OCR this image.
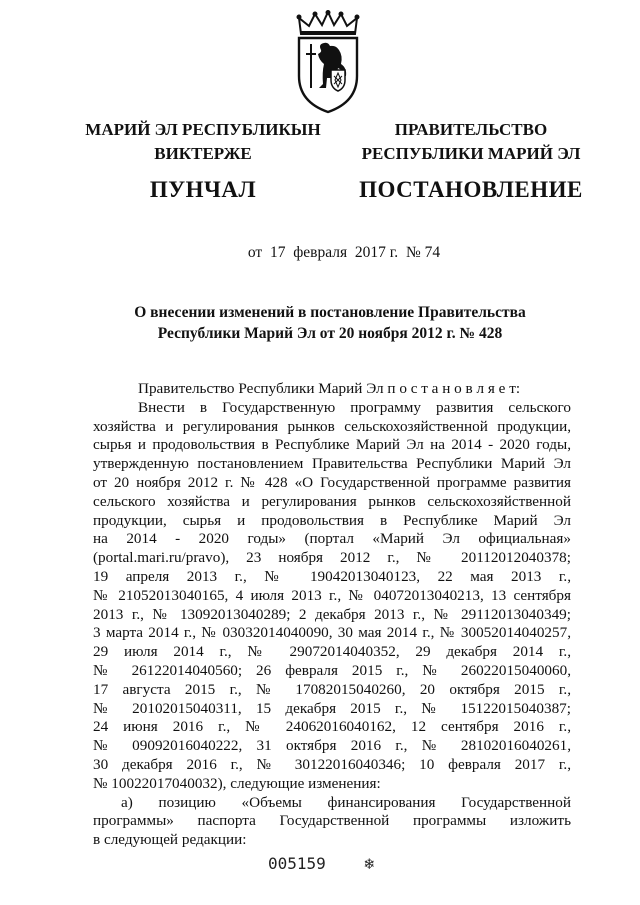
МАРИЙ ЭЛ РЕСПУБЛИКЫН
ВИКТЕРЖЕ
ПУНЧАЛ
ПРАВИТЕЛЬСТВО
РЕСПУБЛИКИ МАРИЙ ЭЛ
ПОСТАНОВЛЕНИЕ
от 17 февраля 2017 г. № 74
О внесении изменений в постановление Правительства
Республики Марий Эл от 20 ноября 2012 г. № 428
Правительство Республики Марий Эл п о с т а н о в л я е т:
Внести в Государственную программу развития сельского
хозяйства и регулирования рынков сельскохозяйственной продукции,
сырья и продовольствия в Республике Марий Эл на 2014 - 2020 годы,
утвержденную постановлением Правительства Республики Марий Эл
от 20 ноября 2012 г. № 428 «О Государственной программе развития
сельского хозяйства и регулирования рынков сельскохозяйственной
продукции, сырья и продовольствия в Республике Марий Эл
на 2014 - 2020 годы» (портал «Марий Эл официальная»
(portal.mari.ru/pravo), 23 ноября 2012 г., № 20112012040378;
19 апреля 2013 г., № 19042013040123, 22 мая 2013 г.,
№ 21052013040165, 4 июля 2013 г., № 04072013040213, 13 сентября
2013 г., № 13092013040289; 2 декабря 2013 г., № 29112013040349;
3 марта 2014 г., № 03032014040090, 30 мая 2014 г., № 30052014040257,
29 июля 2014 г., № 29072014040352, 29 декабря 2014 г.,
№ 26122014040560; 26 февраля 2015 г., № 26022015040060,
17 августа 2015 г., № 17082015040260, 20 октября 2015 г.,
№ 20102015040311, 15 декабря 2015 г., № 15122015040387;
24 июня 2016 г., № 24062016040162, 12 сентября 2016 г.,
№ 09092016040222, 31 октября 2016 г., № 28102016040261,
30 декабря 2016 г., № 30122016040346; 10 февраля 2017 г.,
№ 10022017040032), следующие изменения:
а) позицию «Объемы финансирования Государственной
программы» паспорта Государственной программы изложить
в следующей редакции:
005159 ❄
